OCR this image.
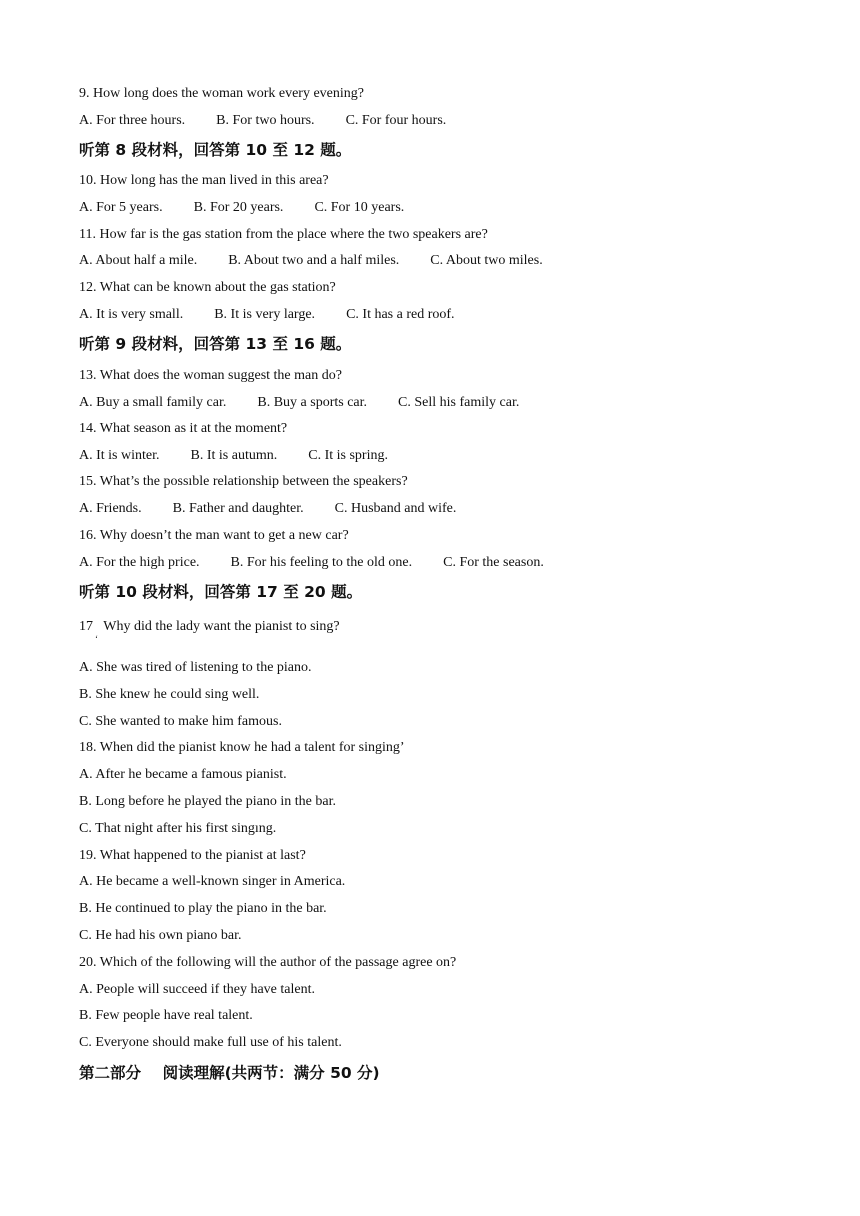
9. How long does the woman work every evening?
A. For three hours. B. For two hours. C. For four hours.
听第 8 段材料，回答第 10 至 12 题。
10. How long has the man lived in this area?
A. For 5 years. B. For 20 years. C. For 10 years.
11. How far is the gas station from the place where the two speakers are?
A. About half a mile. B. About two and a half miles. C. About two miles.
12. What can be known about the gas station?
A. It is very small. B. It is very large. C. It has a red roof.
听第 9 段材料，回答第 13 至 16 题。
13. What does the woman suggest the man do?
A. Buy a small family car. B. Buy a sports car. C. Sell his family car.
14. What season as it at the moment?
A. It is winter. B. It is autumn. C. It is spring.
15. What’s the possıble relationship between the speakers?
A. Friends. B. Father and daughter. C. Husband and wife.
16. Why doesn’t the man want to get a new car?
A. For the high price. B. For his feeling to the old one. C. For the season.
听第 10 段材料，回答第 17 至 20 题。
17   Why did the lady want the pianist to sing?
ʻ
A. She was tired of listening to the piano.
B. She knew he could sing well.
C. She wanted to make him famous.
18. When did the pianist know he had a talent for singing’
A. After he became a famous pianist.
B. Long before he played the piano in the bar.
C. That night after his first singıng.
19. What happened to the pianist at last?
A. He became a well-known singer in America.
B. He continued to play the piano in the bar.
C. He had his own piano bar.
20. Which of the following will the author of the passage agree on?
A. People will succeed if they have talent.
B. Few people have real talent.
C. Everyone should make full use of his talent.
第二部分    阅读理解(共两节：满分 50 分)
